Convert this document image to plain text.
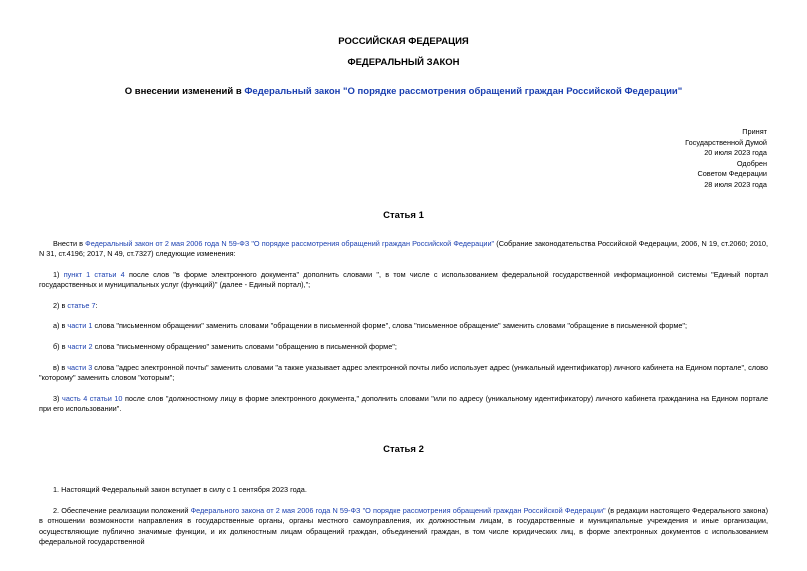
РОССИЙСКАЯ ФЕДЕРАЦИЯ
ФЕДЕРАЛЬНЫЙ ЗАКОН
О внесении изменений в Федеральный закон "О порядке рассмотрения обращений граждан Российской Федерации"
Принят
Государственной Думой
20 июля 2023 года
Одобрен
Советом Федерации
28 июля 2023 года
Статья 1
Внести в Федеральный закон от 2 мая 2006 года N 59-ФЗ "О порядке рассмотрения обращений граждан Российской Федерации" (Собрание законодательства Российской Федерации, 2006, N 19, ст.2060; 2010, N 31, ст.4196; 2017, N 49, ст.7327) следующие изменения:
1) пункт 1 статьи 4 после слов "в форме электронного документа" дополнить словами ", в том числе с использованием федеральной государственной информационной системы "Единый портал государственных и муниципальных услуг (функций)" (далее - Единый портал),";
2) в статье 7:
а) в части 1 слова "письменном обращении" заменить словами "обращении в письменной форме", слова "письменное обращение" заменить словами "обращение в письменной форме";
б) в части 2 слова "письменному обращению" заменить словами "обращению в письменной форме";
в) в части 3 слова "адрес электронной почты" заменить словами "а также указывает адрес электронной почты либо использует адрес (уникальный идентификатор) личного кабинета на Едином портале", слово "которому" заменить словом "которым";
3) часть 4 статьи 10 после слов "должностному лицу в форме электронного документа," дополнить словами "или по адресу (уникальному идентификатору) личного кабинета гражданина на Едином портале при его использовании".
Статья 2
1. Настоящий Федеральный закон вступает в силу с 1 сентября 2023 года.
2. Обеспечение реализации положений Федерального закона от 2 мая 2006 года N 59-ФЗ "О порядке рассмотрения обращений граждан Российской Федерации" (в редакции настоящего Федерального закона) в отношении возможности направления в государственные органы, органы местного самоуправления, их должностным лицам, в государственные и муниципальные учреждения и иные организации, осуществляющие публично значимые функции, и их должностным лицам обращений граждан, объединений граждан, в том числе юридических лиц, в форме электронных документов с использованием федеральной государственной
